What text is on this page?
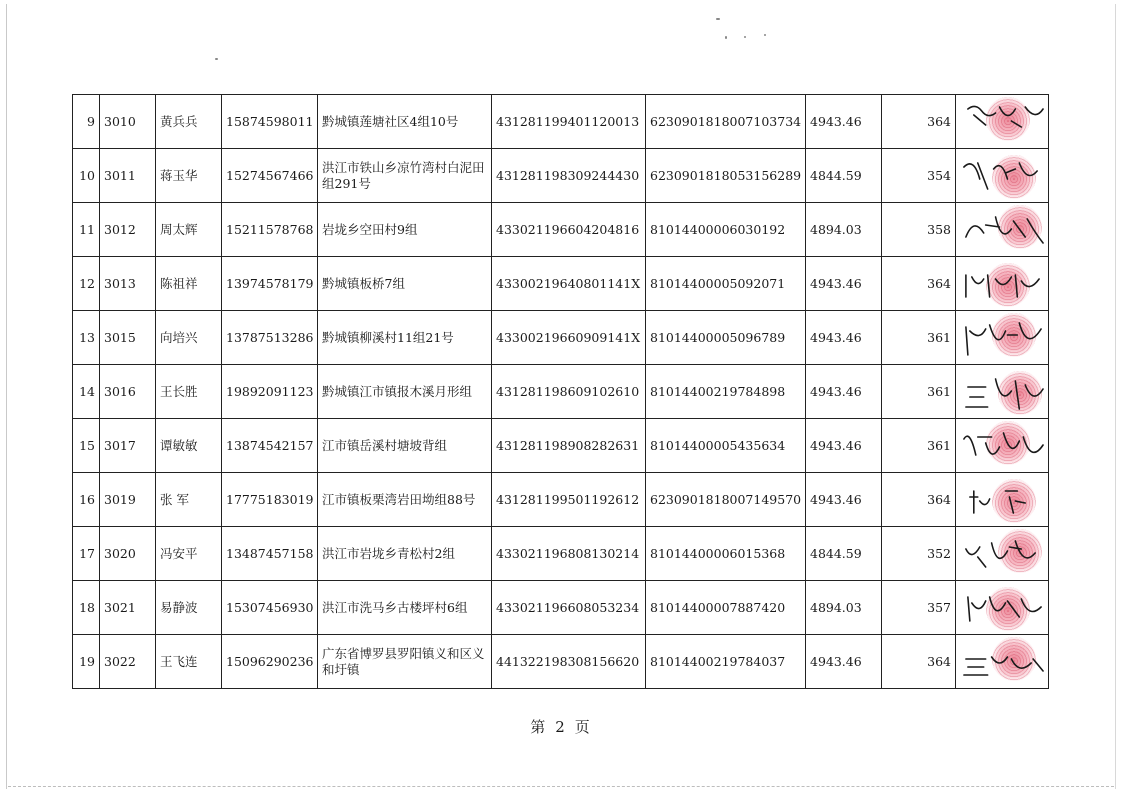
9	3010	黄兵兵	15874598011	黔城镇莲塘社区4组10号	431281199401120013	6230901818007103734	4943.46	364	

10	3011	蒋玉华	15274567466	洪江市铁山乡凉竹湾村白泥田组291号	431281198309244430	6230901818053156289	4844.59	354	

11	3012	周太辉	15211578768	岩垅乡空田村9组	433021196604204816	81014400006030192	4894.03	358	

12	3013	陈祖祥	13974578179	黔城镇板桥7组	43300219640801141X	81014400005092071	4943.46	364	

13	3015	向培兴	13787513286	黔城镇柳溪村11组21号	43300219660909141X	81014400005096789	4943.46	361	

14	3016	王长胜	19892091123	黔城镇江市镇报木溪月形组	431281198609102610	81014400219784898	4943.46	361	

15	3017	谭敏敏	13874542157	江市镇岳溪村塘坡背组	431281198908282631	81014400005435634	4943.46	361	

16	3019	张 军	17775183019	江市镇板栗湾岩田坳组88号	431281199501192612	6230901818007149570	4943.46	364	

17	3020	冯安平	13487457158	洪江市岩垅乡青松村2组	433021196808130214	81014400006015368	4844.59	352	

18	3021	易静波	15307456930	洪江市洗马乡古楼坪村6组	433021196608053234	81014400007887420	4894.03	357	

19	3022	王飞连	15096290236	广东省博罗县罗阳镇义和区义和圩镇	441322198308156620	81014400219784037	4943.46	364	
第 2 页
